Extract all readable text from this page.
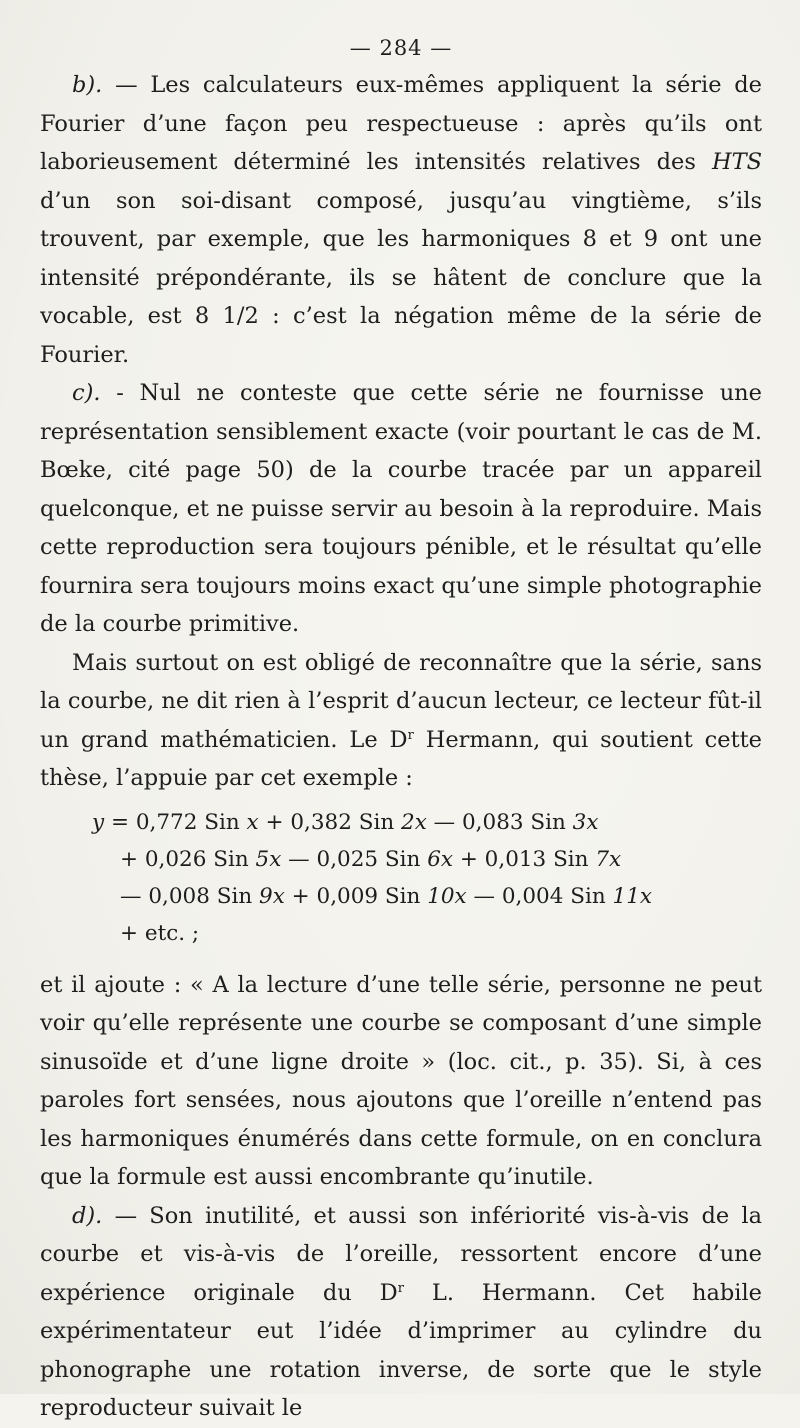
— 284 —

b). — Les calculateurs eux-mêmes appliquent la série de Fourier d’une façon peu respectueuse : après qu’ils ont laborieusement déterminé les intensités relatives des HTS d’un son soi-disant composé, jusqu’au vingtième, s’ils trouvent, par exemple, que les harmoniques 8 et 9 ont une intensité prépondérante, ils se hâtent de conclure que la vocable, est 8 1/2 : c’est la négation même de la série de Fourier.

c). - Nul ne conteste que cette série ne fournisse une représentation sensiblement exacte (voir pourtant le cas de M. Bœke, cité page 50) de la courbe tracée par un appareil quelconque, et ne puisse servir au besoin à la reproduire. Mais cette reproduction sera toujours pénible, et le résultat qu’elle fournira sera toujours moins exact qu’une simple photographie de la courbe primitive.

Mais surtout on est obligé de reconnaître que la série, sans la courbe, ne dit rien à l’esprit d’aucun lecteur, ce lecteur fût-il un grand mathématicien. Le $D^r$ Hermann, qui soutient cette thèse, l’appuie par cet exemple :

y = 0,772 Sin x + 0,382 Sin 2x — 0,083 Sin 3x
+ 0,026 Sin 5x — 0,025 Sin 6x + 0,013 Sin 7x
— 0,008 Sin 9x + 0,009 Sin 10x — 0,004 Sin 11x
+ etc. ;

et il ajoute : « A la lecture d’une telle série, personne ne peut voir qu’elle représente une courbe se composant d’une simple sinusoïde et d’une ligne droite » (loc. cit., p. 35). Si, à ces paroles fort sensées, nous ajoutons que l’oreille n’entend pas les harmoniques énumérés dans cette formule, on en conclura que la formule est aussi encombrante qu’inutile.

d). — Son inutilité, et aussi son infériorité vis-à-vis de la courbe et vis-à-vis de l’oreille, ressortent encore d’une expérience originale du $D^r$ L. Hermann. Cet habile expérimentateur eut l’idée d’imprimer au cylindre du phonographe une rotation inverse, de sorte que le style reproducteur suivait le
